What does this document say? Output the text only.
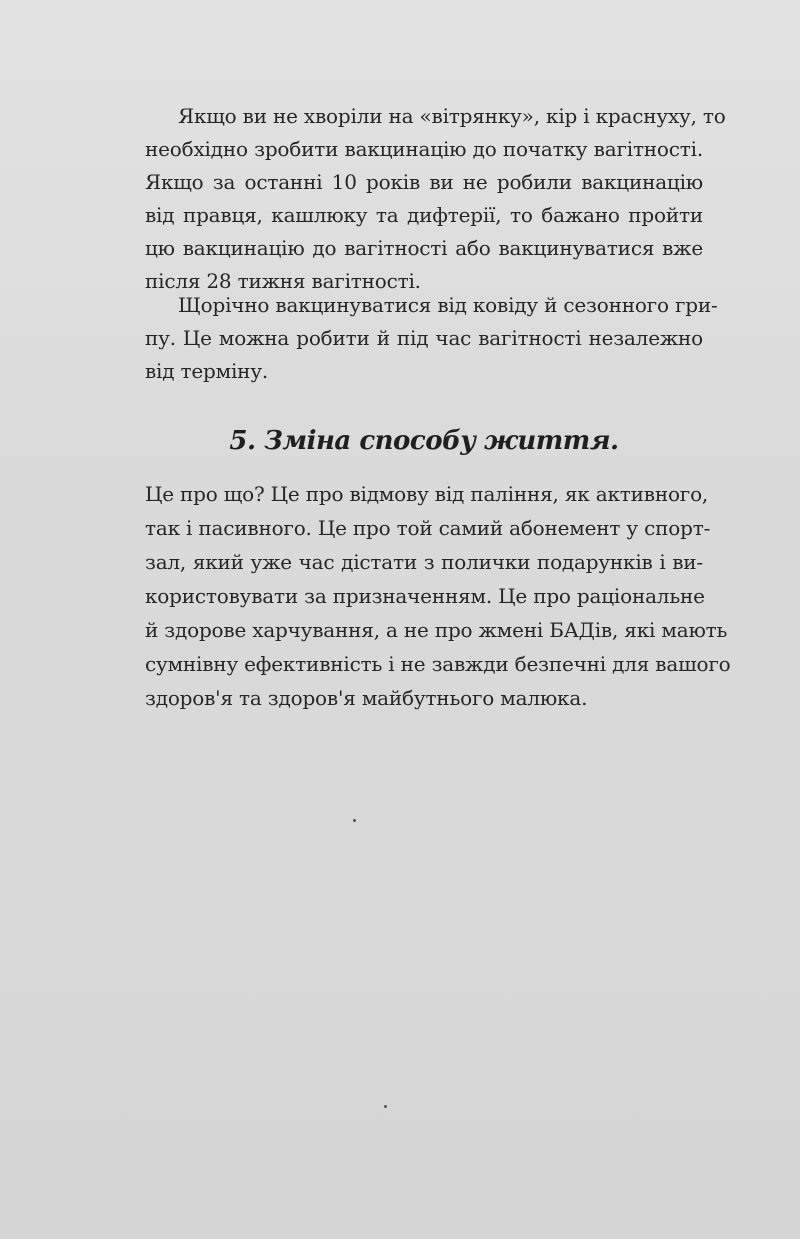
Якщо ви не хворіли на «вітрянку», кір і краснуху, то
необхідно зробити вакцинацію до початку вагітності.
Якщо за останні 10 років ви не робили вакцинацію
від правця, кашлюку та дифтерії, то бажано пройти
цю вакцинацію до вагітності або вакцинуватися вже
після 28 тижня вагітності.
Щорічно вакцинуватися від ковіду й сезонного гри-
пу. Це можна робити й під час вагітності незалежно
від терміну.
5. Зміна способу життя.
Це про що? Це про відмову від паління, як активного,
так і пасивного. Це про той самий абонемент у спорт-
зал, який уже час дістати з полички подарунків і ви-
користовувати за призначенням. Це про раціональне
й здорове харчування, а не про жмені БАДів, які мають
сумнівну ефективність і не завжди безпечні для вашого
здоров'я та здоров'я майбутнього малюка.
